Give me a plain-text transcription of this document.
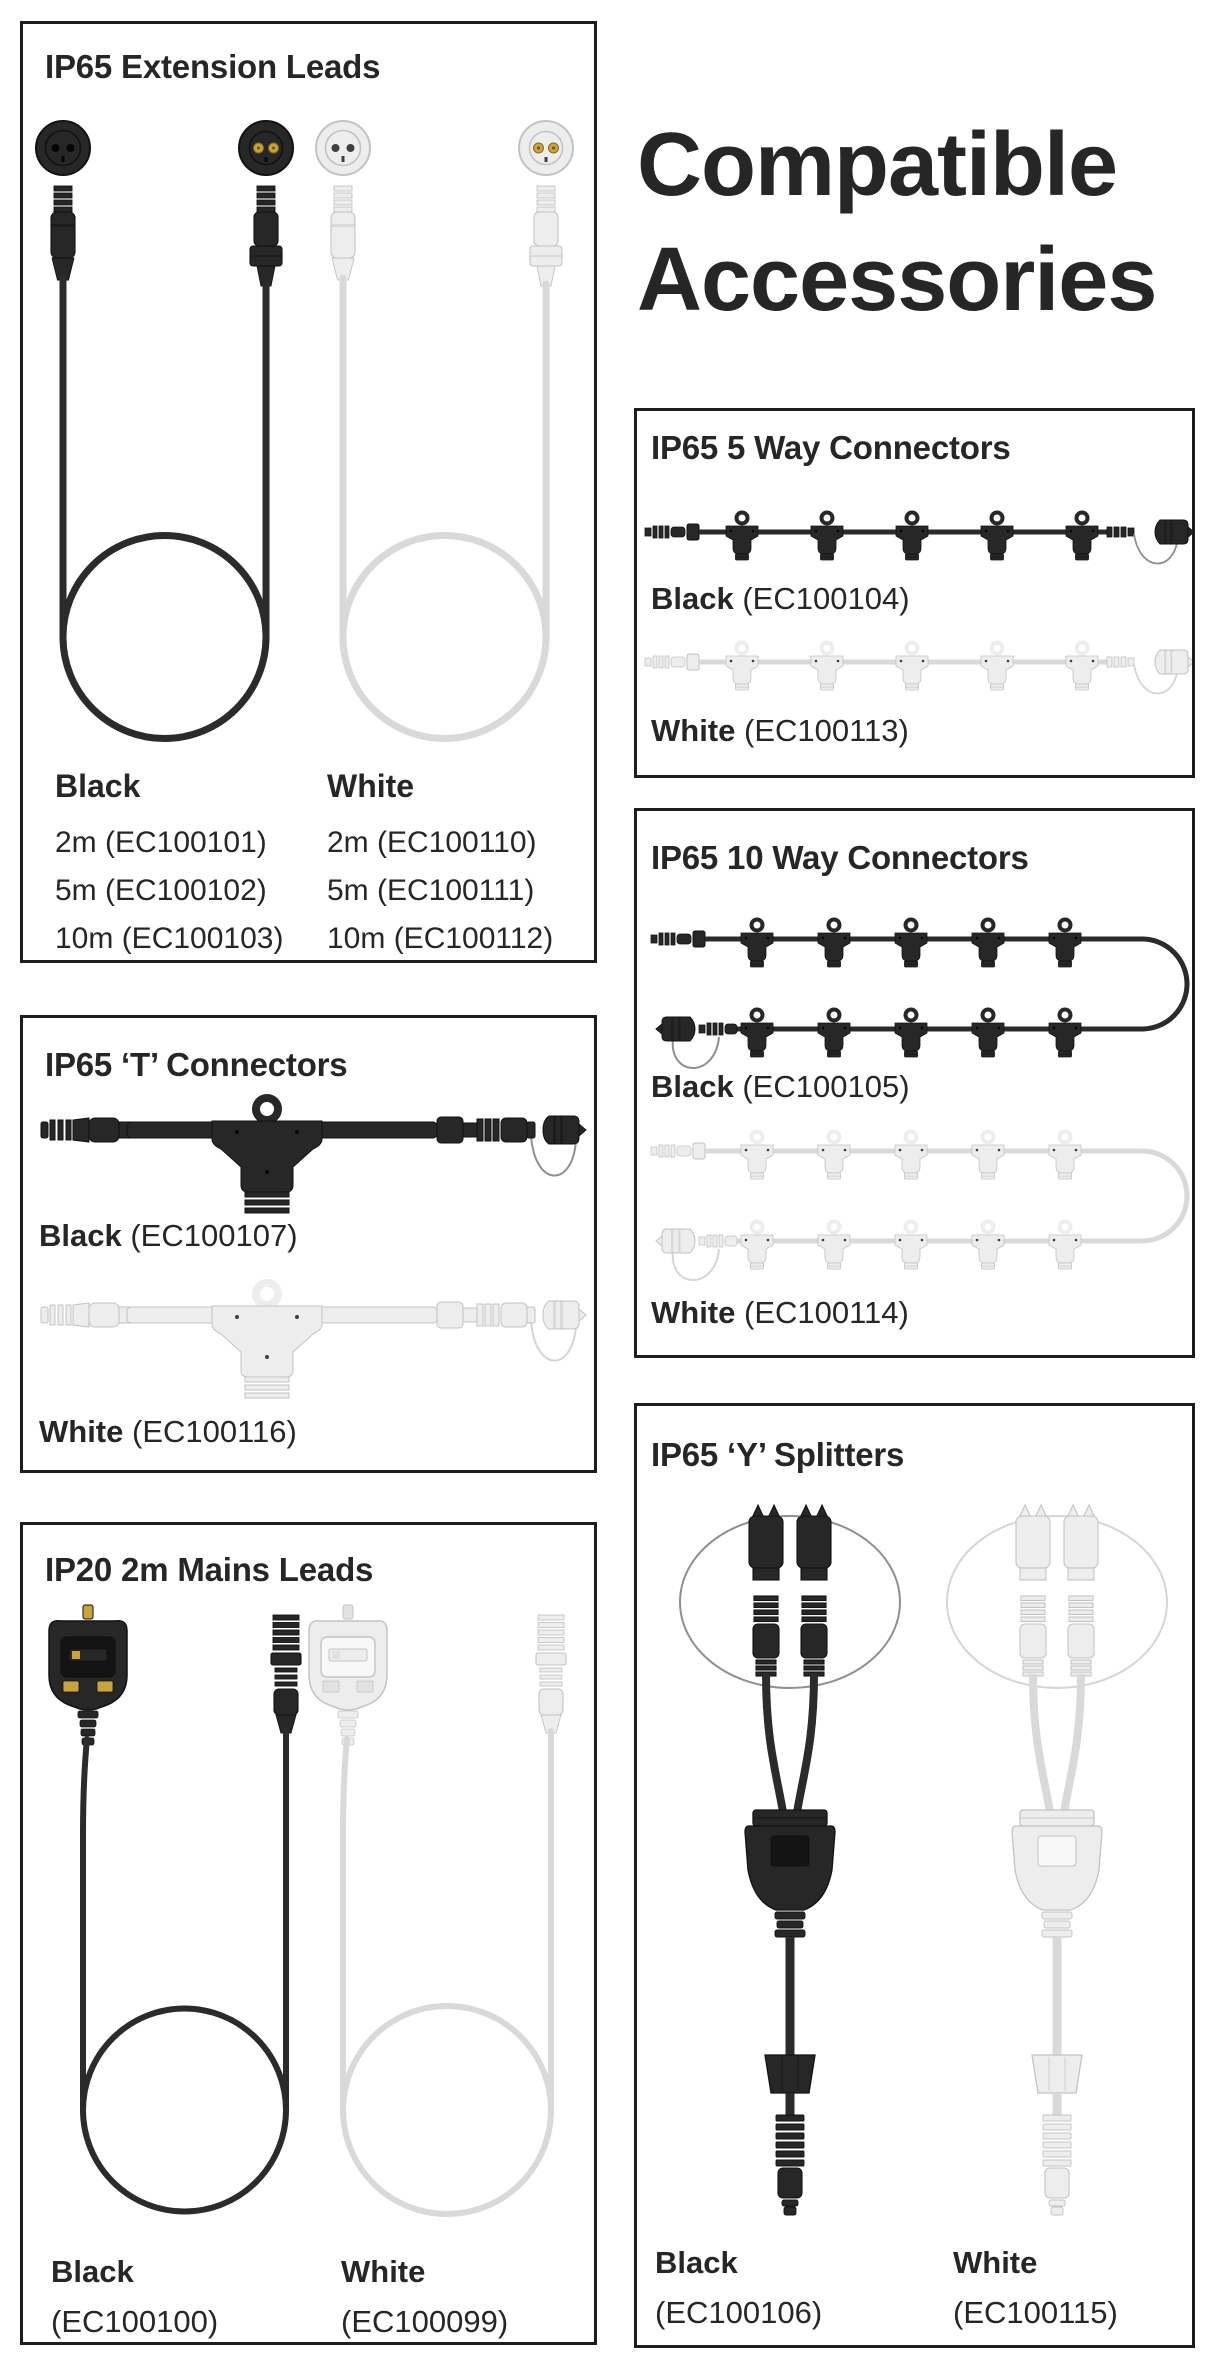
Compatible
Accessories
IP65 Extension Leads
Black
2m (EC100101)
5m (EC100102)
10m (EC100103)
White
2m (EC100110)
5m (EC100111)
10m (EC100112)
IP65 ‘T’ Connectors
Black (EC100107)
White (EC100116)
IP20 2m Mains Leads
Black
(EC100100)
White
(EC100099)
IP65 5 Way Connectors
Black (EC100104)
White (EC100113)
IP65 10 Way Connectors
Black (EC100105)
White (EC100114)
IP65 ‘Y’ Splitters
Black
(EC100106)
White
(EC100115)
